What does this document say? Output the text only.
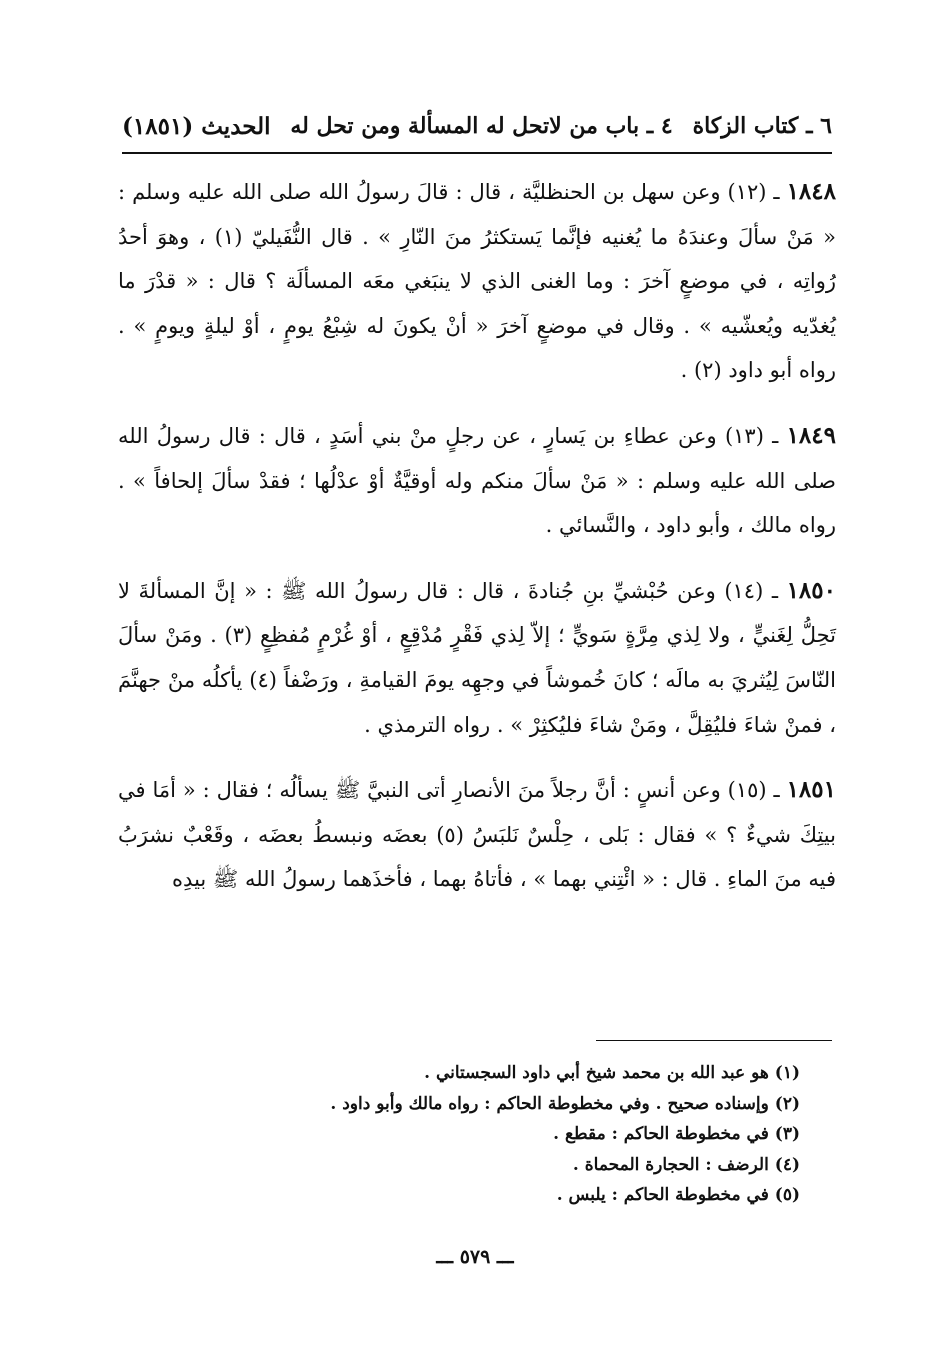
٦ ـ كتاب الزكاة
٤ ـ باب من لاتحل له المسألة ومن تحل له
الحديث (١٨٥١)

١٨٤٨ ـ (١٢) وعن سهل بن الحنظليَّة ، قال : قالَ رسولُ الله صلى الله عليه وسلم : « مَنْ سألَ وعندَهُ ما يُغنيه فإنَّما يَستكثرُ منَ النّارِ » . قال النُّفَيليّ (١) ، وهوَ أحدُ رُواتِه ، في موضعٍ آخرَ : وما الغنى الذي لا ينبَغي معَه المسألَة ؟ قال : « قدْرَ ما يُغدّيه ويُعشّيه » . وقال في موضعٍ آخرَ « أنْ يكونَ له شِبْعُ يومٍ ، أوْ ليلةٍ ويومٍ » . رواه أبو داود (٢) .

١٨٤٩ ـ (١٣) وعن عطاءِ بن يَسارٍ ، عن رجلٍ منْ بني أسَدٍ ، قال : قال رسولُ الله صلى الله عليه وسلم : « مَنْ سألَ منكم وله أوقيَّةٌ أوْ عدْلُها ؛ فقدْ سألَ إلحافاً » . رواه مالك ، وأبو داود ، والنَّسائي .

١٨٥٠ ـ (١٤) وعن حُبْشيِّ بنِ جُنادةَ ، قال : قال رسولُ الله ﷺ : « إنَّ المسألةَ لا تَحِلُّ لِغَنيٍّ ، ولا لِذي مِرَّةٍ سَويٍّ ؛ إلاّ لِذي فَقْرٍ مُدْقِعٍ ، أوْ غُرْمٍ مُفظِعٍ (٣) . ومَنْ سألَ النّاسَ لِيُثريَ به مالَه ؛ كانَ خُموشاً في وجهِه يومَ القيامةِ ، ورَضْفاً (٤) يأكلُه منْ جهنَّمَ ، فمنْ شاءَ فليُقِلَّ ، ومَنْ شاءَ فليُكثِرْ » . رواه الترمذي .

١٨٥١ ـ (١٥) وعن أنسٍ : أنَّ رجلاً منَ الأنصارِ أتى النبيَّ ﷺ يسألُه ؛ فقال : « أمَا في بيتِكَ شيءٌ ؟ » فقال : بَلى ، حِلْسٌ نَلبَسُ (٥) بعضَه ونبسطُ بعضَه ، وقَعْبٌ نشرَبُ فيه منَ الماءِ . قال : « ائْتِني بهما » ، فأتاهُ بهما ، فأخذَهما رسولُ الله ﷺ بيدِه

(١) هو عبد الله بن محمد شيخ أبي داود السجستاني .
(٢) وإسناده صحيح . وفي مخطوطة الحاكم : رواه مالك وأبو داود .
(٣) في مخطوطة الحاكم : مقطع .
(٤) الرضف : الحجارة المحماة .
(٥) في مخطوطة الحاكم : يلبس .
ـــ ٥٧٩ ـــ
